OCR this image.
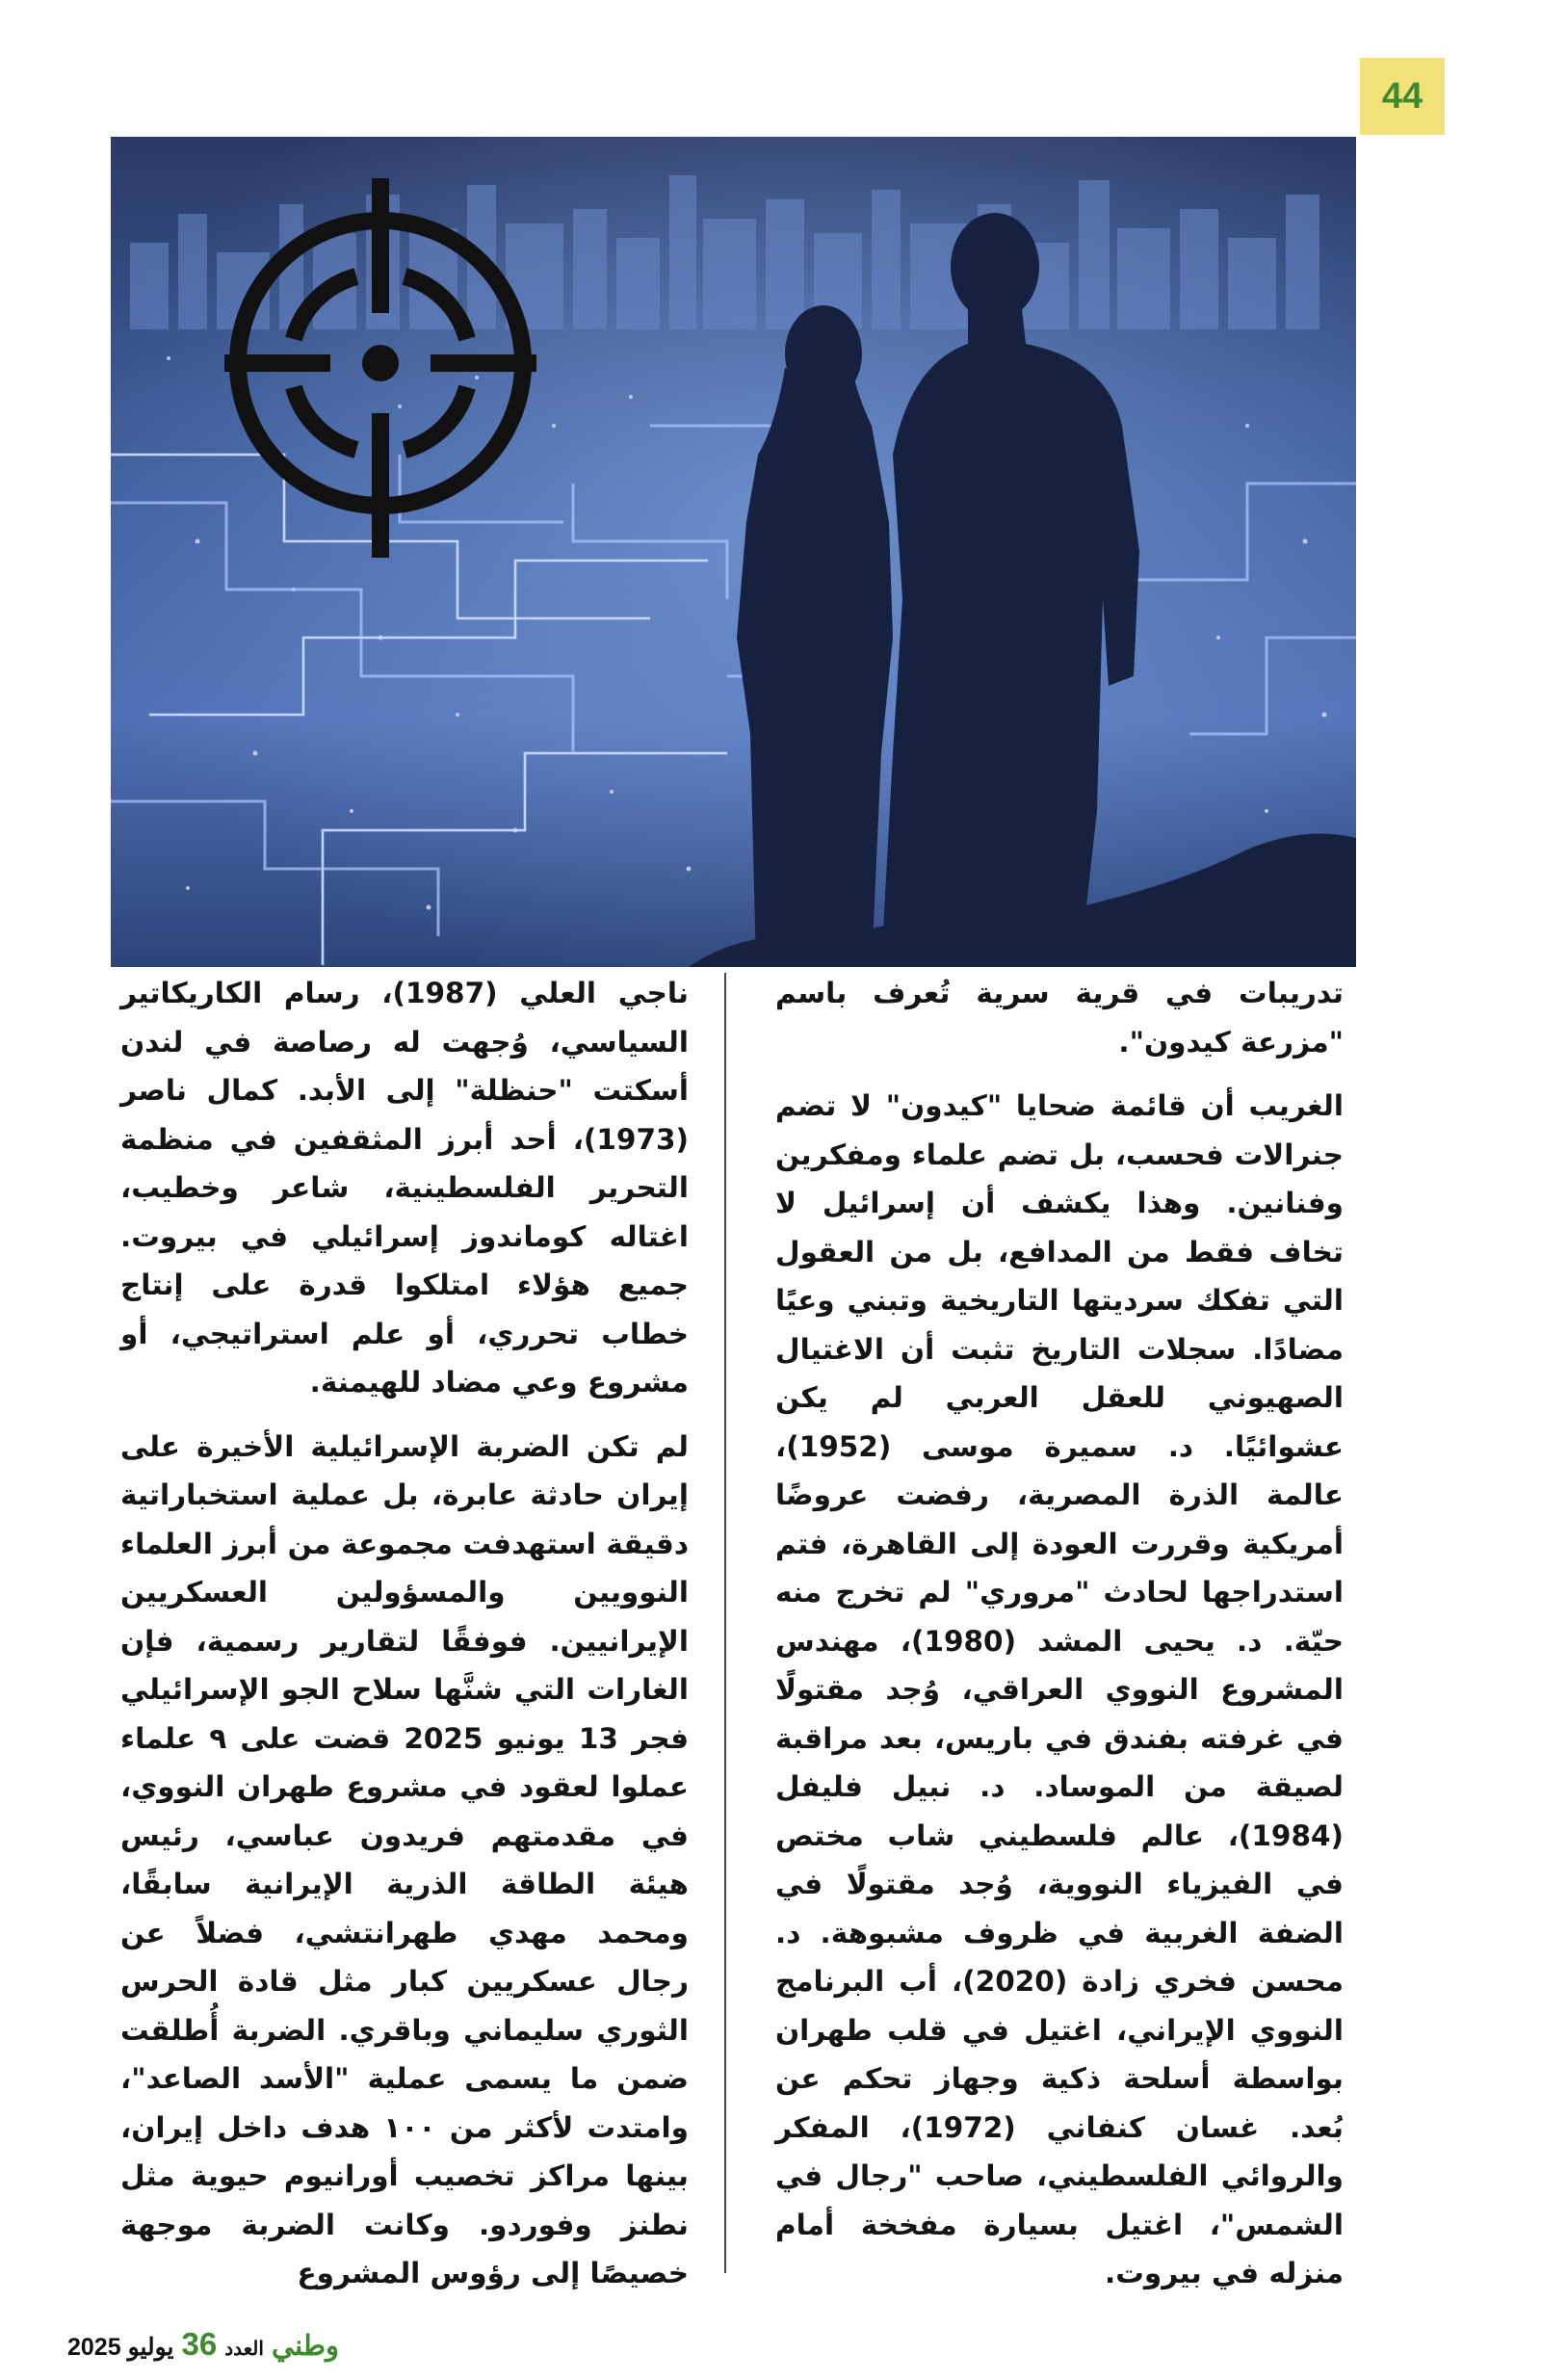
44

تدريبات في قرية سرية تُعرف باسم "مزرعة كيدون".

الغريب أن قائمة ضحايا "كيدون" لا تضم جنرالات فحسب، بل تضم علماء ومفكرين وفنانين. وهذا يكشف أن إسرائيل لا تخاف فقط من المدافع، بل من العقول التي تفكك سرديتها التاريخية وتبني وعيًا مضادًا. سجلات التاريخ تثبت أن الاغتيال الصهيوني للعقل العربي لم يكن عشوائيًا. د. سميرة موسى (1952)، عالمة الذرة المصرية، رفضت عروضًا أمريكية وقررت العودة إلى القاهرة، فتم استدراجها لحادث "مروري" لم تخرج منه حيّة. د. يحيى المشد (1980)، مهندس المشروع النووي العراقي، وُجد مقتولًا في غرفته بفندق في باريس، بعد مراقبة لصيقة من الموساد. د. نبيل فليفل (1984)، عالم فلسطيني شاب مختص في الفيزياء النووية، وُجد مقتولًا في الضفة الغربية في ظروف مشبوهة. د. محسن فخري زادة (2020)، أب البرنامج النووي الإيراني، اغتيل في قلب طهران بواسطة أسلحة ذكية وجهاز تحكم عن بُعد. غسان كنفاني (1972)، المفكر والروائي الفلسطيني، صاحب "رجال في الشمس"، اغتيل بسيارة مفخخة أمام منزله في بيروت.

ناجي العلي (1987)، رسام الكاريكاتير السياسي، وُجهت له رصاصة في لندن أسكتت "حنظلة" إلى الأبد. كمال ناصر (1973)، أحد أبرز المثقفين في منظمة التحرير الفلسطينية، شاعر وخطيب، اغتاله كوماندوز إسرائيلي في بيروت. جميع هؤلاء امتلكوا قدرة على إنتاج خطاب تحرري، أو علم استراتيجي، أو مشروع وعي مضاد للهيمنة.

لم تكن الضربة الإسرائيلية الأخيرة على إيران حادثة عابرة، بل عملية استخباراتية دقيقة استهدفت مجموعة من أبرز العلماء النوويين والمسؤولين العسكريين الإيرانيين. فوفقًا لتقارير رسمية، فإن الغارات التي شنَّها سلاح الجو الإسرائيلي فجر 13 يونيو 2025 قضت على ٩ علماء عملوا لعقود في مشروع طهران النووي، في مقدمتهم فريدون عباسي، رئيس هيئة الطاقة الذرية الإيرانية سابقًا، ومحمد مهدي طهرانتشي، فضلاً عن رجال عسكريين كبار مثل قادة الحرس الثوري سليماني وباقري. الضربة أُطلقت ضمن ما يسمى عملية "الأسد الصاعد"، وامتدت لأكثر من ١٠٠ هدف داخل إيران، بينها مراكز تخصيب أورانيوم حيوية مثل نطنز وفوردو. وكانت الضربة موجهة خصيصًا إلى رؤوس المشروع

يوليو 2025 36 العدد وطني
